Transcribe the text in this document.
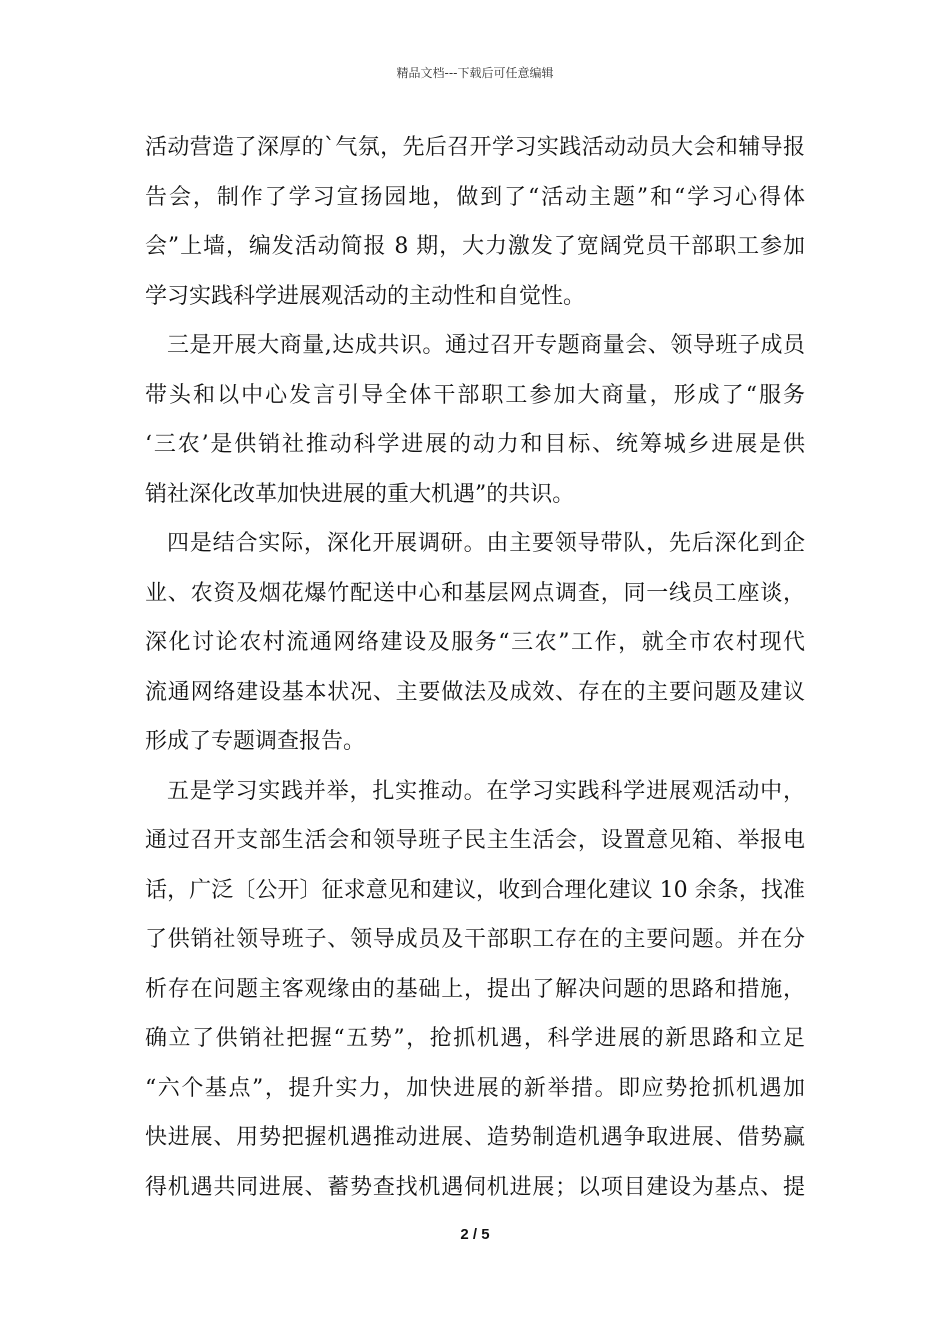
精品文档---下载后可任意编辑
活动营造了深厚的`气氛，先后召开学习实践活动动员大会和辅导报
告会，制作了学习宣扬园地，做到了“活动主题”和“学习心得体
会”上墙，编发活动简报 8 期，大力激发了宽阔党员干部职工参加
学习实践科学进展观活动的主动性和自觉性。
三是开展大商量,达成共识。通过召开专题商量会、领导班子成员
带头和以中心发言引导全体干部职工参加大商量，形成了“服务
‘三农’是供销社推动科学进展的动力和目标、统筹城乡进展是供
销社深化改革加快进展的重大机遇”的共识。
四是结合实际，深化开展调研。由主要领导带队，先后深化到企
业、农资及烟花爆竹配送中心和基层网点调查，同一线员工座谈，
深化讨论农村流通网络建设及服务“三农”工作，就全市农村现代
流通网络建设基本状况、主要做法及成效、存在的主要问题及建议
形成了专题调查报告。
五是学习实践并举，扎实推动。在学习实践科学进展观活动中，
通过召开支部生活会和领导班子民主生活会，设置意见箱、举报电
话，广泛〔公开〕征求意见和建议，收到合理化建议 10 余条，找准
了供销社领导班子、领导成员及干部职工存在的主要问题。并在分
析存在问题主客观缘由的基础上，提出了解决问题的思路和措施，
确立了供销社把握“五势”，抢抓机遇，科学进展的新思路和立足
“六个基点”，提升实力，加快进展的新举措。即应势抢抓机遇加
快进展、用势把握机遇推动进展、造势制造机遇争取进展、借势赢
得机遇共同进展、蓄势查找机遇伺机进展；以项目建设为基点、提
2 / 5
